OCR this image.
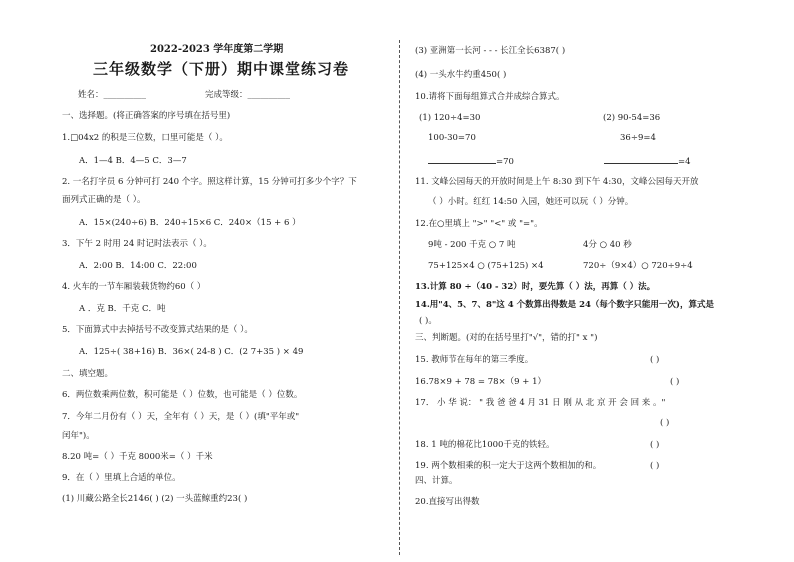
2022-2023 学年度第二学期
三年级数学（下册）期中课堂练习卷
姓名：__________	完成等级：__________
一、选择题。(将正确答案的序号填在括号里)
1.□04x2 的积是三位数，口里可能是（ ）。
A．1—4 B．4—5 C．3—7
2. 一名打字员 6 分钟可打 240 个字。照这样计算，15 分钟可打多少个字？下
面列式正确的是（ ）。
A．15×(240÷6) B．240÷15×6 C．240×（15 + 6 ）
3．下午 2 时用 24 时记时法表示（ ）。
A．2:00 B．14:00 C．22:00
4. 火车的一节车厢装载货物约60（ ）
A ．克 B．千克 C．吨
5．下面算式中去掉括号不改变算式结果的是（ ）。
A．125÷( 38+16) B．36×( 24-8 ) C．(2 7+35 ) × 49
二、填空题。
6．两位数乘两位数，积可能是（ ）位数，也可能是（ ）位数。
7．今年二月份有（ ）天，全年有（ ）天，是（ ）(填"平年或"
闰年")。
8.20 吨=（ ）千克 8000米=（ ）千米
9．在（ ）里填上合适的单位。
(1) 川藏公路全长2146( ) (2) 一头蓝鲸重约23( )
(3) 亚洲第一长河 - - - 长江全长6387( )
(4) 一头水牛约重450( )
10.请将下面每组算式合并成综合算式。
(1) 120÷4=30	(2) 90-54=36
100-30=70	36÷9=4
=70	=4
11. 文峰公园每天的开放时间是上午 8:30 到下午 4:30，文峰公园每天开放
（ ）小时。红红 14:50 入园，她还可以玩（ ）分钟。
12.在○里填上 ">" "<" 或 "="。
9吨 - 200 千克 ○ 7 吨	4分 ○ 40 秒
75+125×4 ○ (75+125) ×4	720÷（9×4）○ 720÷9÷4
13.计算 80 ÷（40 - 32）时，要先算（ ）法，再算（ ）法。
14.用"4、5、7、8"这 4 个数算出得数是 24（每个数字只能用一次)，算式是
( )。
三、判断题。(对的在括号里打"√"，错的打" x ")
15. 教师节在每年的第三季度。	( )
16.78×9 + 78 = 78×（9 + 1）	( )
17． 小 华 说： " 我 爸 爸 4 月 31 日 刚 从 北 京 开 会 回 来 。"
( )
18. 1 吨的棉花比1000千克的铁轻。	( )
19. 两个数相乘的积一定大于这两个数相加的和。	( )
四、计算。
20.直接写出得数
